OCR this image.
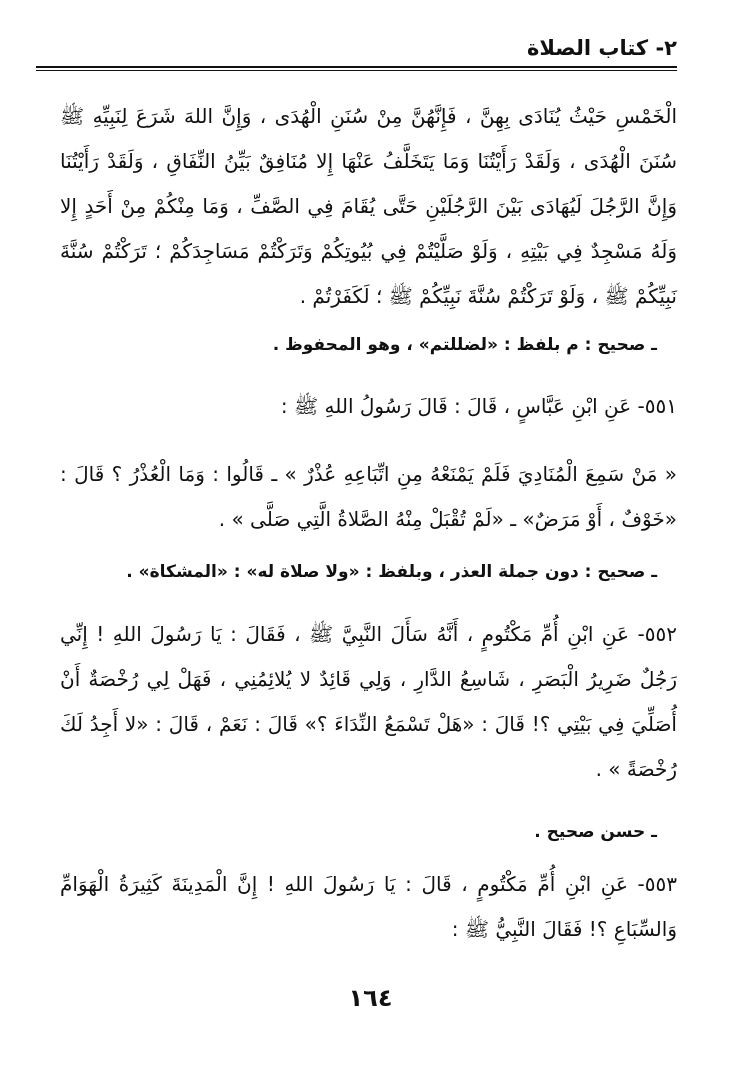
٢- كتاب الصلاة
الْخَمْسِ حَيْثُ يُنَادَى بِهِنَّ ، فَإِنَّهُنَّ مِنْ سُنَنِ الْهُدَى ، وَإِنَّ اللهَ شَرَعَ لِنَبِيِّهِ ﷺ سُنَنَ الْهُدَى ، وَلَقَدْ رَأَيْتُنَا وَمَا يَتَخَلَّفُ عَنْهَا إِلا مُنَافِقٌ بَيِّنُ النِّفَاقِ ، وَلَقَدْ رَأَيْتُنَا وَإِنَّ الرَّجُلَ لَيُهَادَى بَيْنَ الرَّجُلَيْنِ حَتَّى يُقَامَ فِي الصَّفِّ ، وَمَا مِنْكُمْ مِنْ أَحَدٍ إِلا وَلَهُ مَسْجِدٌ فِي بَيْتِهِ ، وَلَوْ صَلَّيْتُمْ فِي بُيُوتِكُمْ وَتَرَكْتُمْ مَسَاجِدَكُمْ ؛ تَرَكْتُمْ سُنَّةَ نَبِيِّكُمْ ﷺ ، وَلَوْ تَرَكْتُمْ سُنَّةَ نَبِيِّكُمْ ﷺ ؛ لَكَفَرْتُمْ .
ـ صحيح : م بلفظ : «لضللتم» ، وهو المحفوظ .
٥٥١- عَنِ ابْنِ عَبَّاسٍ ، قَالَ : قَالَ رَسُولُ اللهِ ﷺ :
« مَنْ سَمِعَ الْمُنَادِيَ فَلَمْ يَمْنَعْهُ مِنِ اتِّبَاعِهِ عُذْرٌ » ـ قَالُوا : وَمَا الْعُذْرُ ؟ قَالَ : «خَوْفٌ ، أَوْ مَرَضٌ» ـ «لَمْ تُقْبَلْ مِنْهُ الصَّلاةُ الَّتِي صَلَّى » .
ـ صحيح : دون جملة العذر ، وبلفظ : «ولا صلاة له» : «المشكاة» .
٥٥٢- عَنِ ابْنِ أُمِّ مَكْتُومٍ ، أَنَّهُ سَأَلَ النَّبِيَّ ﷺ ، فَقَالَ : يَا رَسُولَ اللهِ ! إِنِّي رَجُلٌ ضَرِيرُ الْبَصَرِ ، شَاسِعُ الدَّارِ ، وَلِي قَائِدٌ لا يُلائِمُنِي ، فَهَلْ لِي رُخْصَةٌ أَنْ أُصَلِّيَ فِي بَيْتِي ؟! قَالَ : «هَلْ تَسْمَعُ النِّدَاءَ ؟» قَالَ : نَعَمْ ، قَالَ : «لا أَجِدُ لَكَ رُخْصَةً » .
ـ حسن صحيح .
٥٥٣- عَنِ ابْنِ أُمِّ مَكْتُومٍ ، قَالَ : يَا رَسُولَ اللهِ ! إِنَّ الْمَدِينَةَ كَثِيرَةُ الْهَوَامِّ وَالسِّبَاعِ ؟! فَقَالَ النَّبِيُّ ﷺ :
١٦٤
